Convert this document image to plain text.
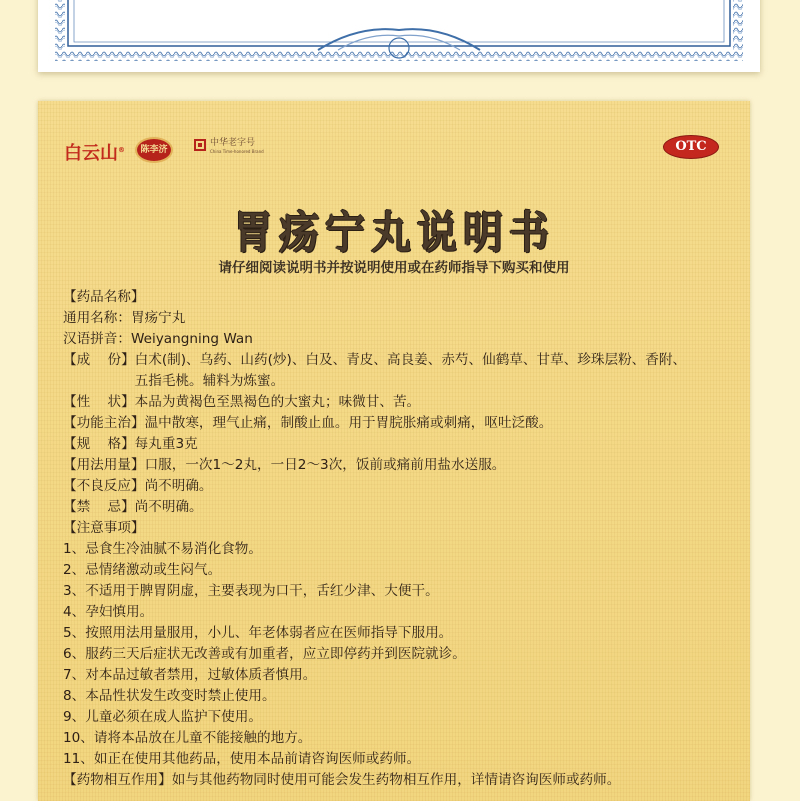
白云山®	陈李济
中华老字号
China Time-honored Brand	OTC
胃疡宁丸说明书
请仔细阅读说明书并按说明使用或在药师指导下购买和使用
【药品名称】
通用名称： 胃疡宁丸
汉语拼音： Weiyangning Wan
【成    份】 白术(制)、乌药、山药(炒)、白及、青皮、高良姜、赤芍、仙鹤草、甘草、珍珠层粉、香附、五指毛桃。辅料为炼蜜。
【性    状】 本品为黄褐色至黑褐色的大蜜丸；味微甘、苦。
【功能主治】 温中散寒，理气止痛，制酸止血。用于胃脘胀痛或刺痛，呕吐泛酸。
【规    格】 每丸重3克
【用法用量】 口服，一次1～2丸，一日2～3次，饭前或痛前用盐水送服。
【不良反应】 尚不明确。
【禁    忌】 尚不明确。
【注意事项】
1、忌食生冷油腻不易消化食物。
2、忌情绪激动或生闷气。
3、不适用于脾胃阴虚，主要表现为口干，舌红少津、大便干。
4、孕妇慎用。
5、按照用法用量服用，小儿、年老体弱者应在医师指导下服用。
6、服药三天后症状无改善或有加重者，应立即停药并到医院就诊。
7、对本品过敏者禁用，过敏体质者慎用。
8、本品性状发生改变时禁止使用。
9、儿童必须在成人监护下使用。
10、请将本品放在儿童不能接触的地方。
11、如正在使用其他药品，使用本品前请咨询医师或药师。
【药物相互作用】 如与其他药物同时使用可能会发生药物相互作用，详情请咨询医师或药师。
